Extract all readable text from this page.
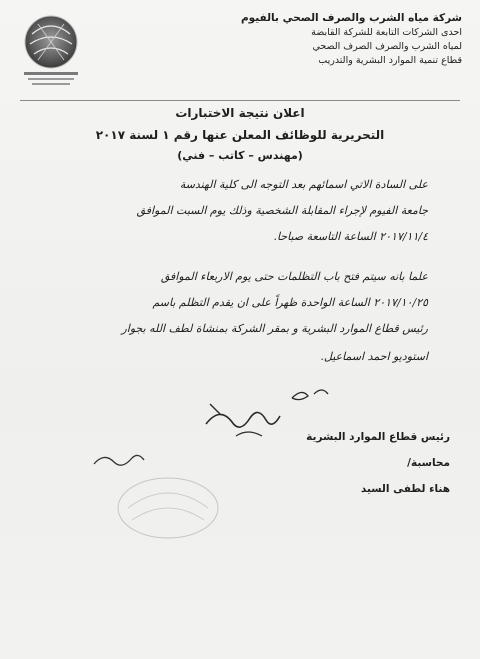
شركة مياه الشرب والصرف الصحي بالفيوم
احدى الشركات التابعة للشركة القابضة
لمياه الشرب والصرف الصرف الصحي
قطاع تنمية الموارد البشرية والتدريب
اعلان نتيجة الاختبارات
التحريرية للوظائف المعلن عنها رقم ١ لسنة ٢٠١٧
(مهندس – كاتب – فني)

على السادة الاتي اسمائهم بعد التوجه الى كلية الهندسة

جامعة الفيوم لإجراء المقابلة الشخصية وذلك يوم السبت الموافق

٢٠١٧/١١/٤ الساعة التاسعة صباحا.

علما بانه سيتم فتح باب التظلمات حتى يوم الاربعاء الموافق

٢٠١٧/١٠/٢٥ الساعة الواحدة ظهراً على ان يقدم التظلم باسم

رئيس قطاع الموارد البشرية و بمقر الشركة بمنشاة لطف الله بجوار

استوديو احمد اسماعيل.

رئيس قطاع الموارد البشرية
محاسبة/
هناء لطفى السيد
